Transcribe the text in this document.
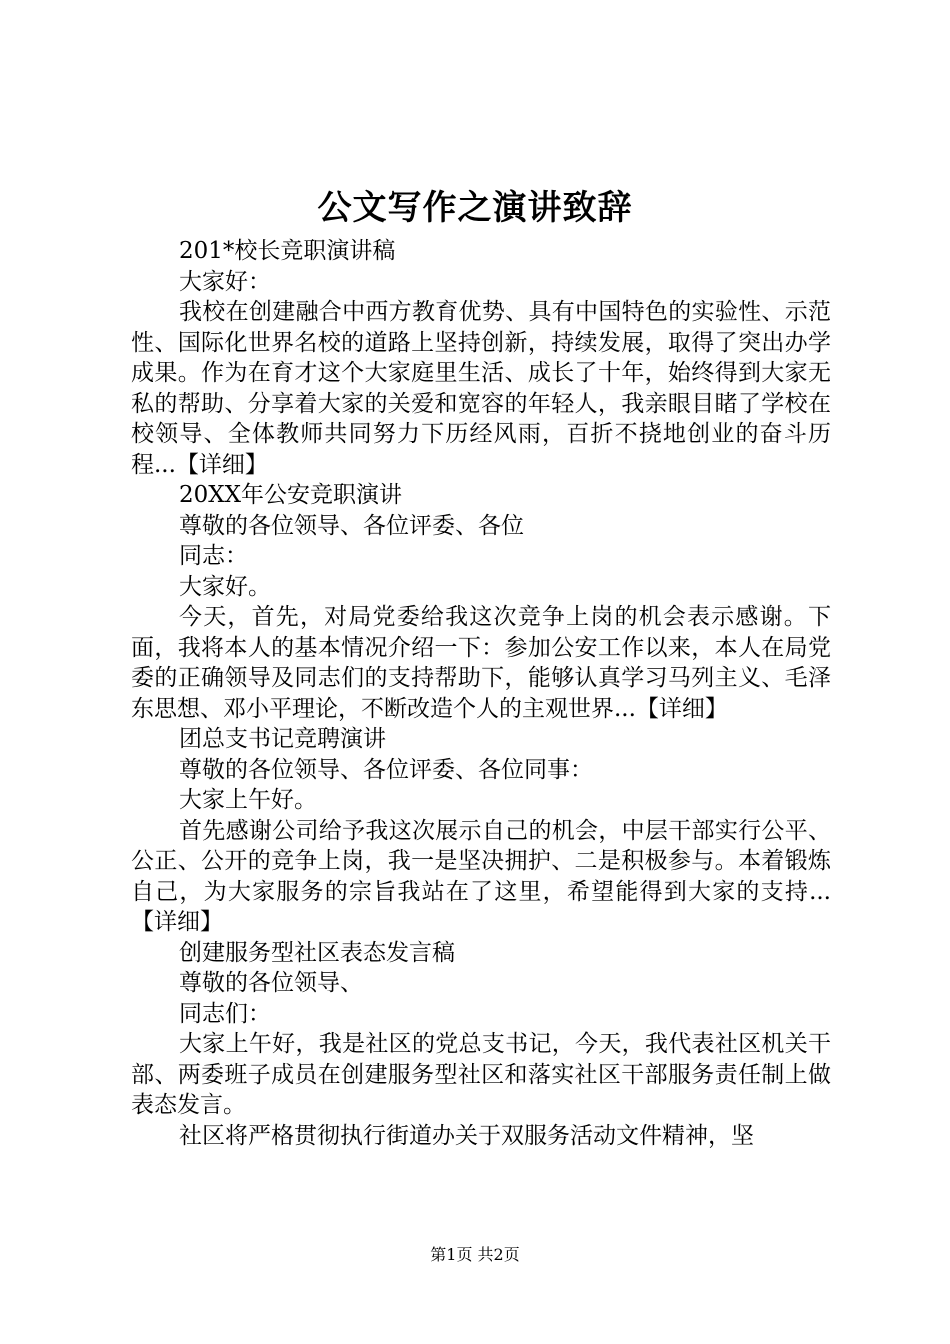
公文写作之演讲致辞

201*校长竞职演讲稿

大家好：

我校在创建融合中西方教育优势、具有中国特色的实验性、示范性、国际化世界名校的道路上坚持创新，持续发展，取得了突出办学成果。作为在育才这个大家庭里生活、成长了十年，始终得到大家无私的帮助、分享着大家的关爱和宽容的年轻人，我亲眼目睹了学校在校领导、全体教师共同努力下历经风雨，百折不挠地创业的奋斗历程...【详细】

20XX年公安竞职演讲

尊敬的各位领导、各位评委、各位

同志：

大家好。

今天，首先，对局党委给我这次竞争上岗的机会表示感谢。下面，我将本人的基本情况介绍一下：参加公安工作以来，本人在局党委的正确领导及同志们的支持帮助下，能够认真学习马列主义、毛泽东思想、邓小平理论，不断改造个人的主观世界...【详细】

团总支书记竞聘演讲

尊敬的各位领导、各位评委、各位同事：

大家上午好。

首先感谢公司给予我这次展示自己的机会，中层干部实行公平、公正、公开的竞争上岗，我一是坚决拥护、二是积极参与。本着锻炼自己，为大家服务的宗旨我站在了这里，希望能得到大家的支持...【详细】

创建服务型社区表态发言稿

尊敬的各位领导、

同志们：

大家上午好，我是社区的党总支书记，今天，我代表社区机关干部、两委班子成员在创建服务型社区和落实社区干部服务责任制上做表态发言。

社区将严格贯彻执行街道办关于双服务活动文件精神，坚

第1页 共2页
